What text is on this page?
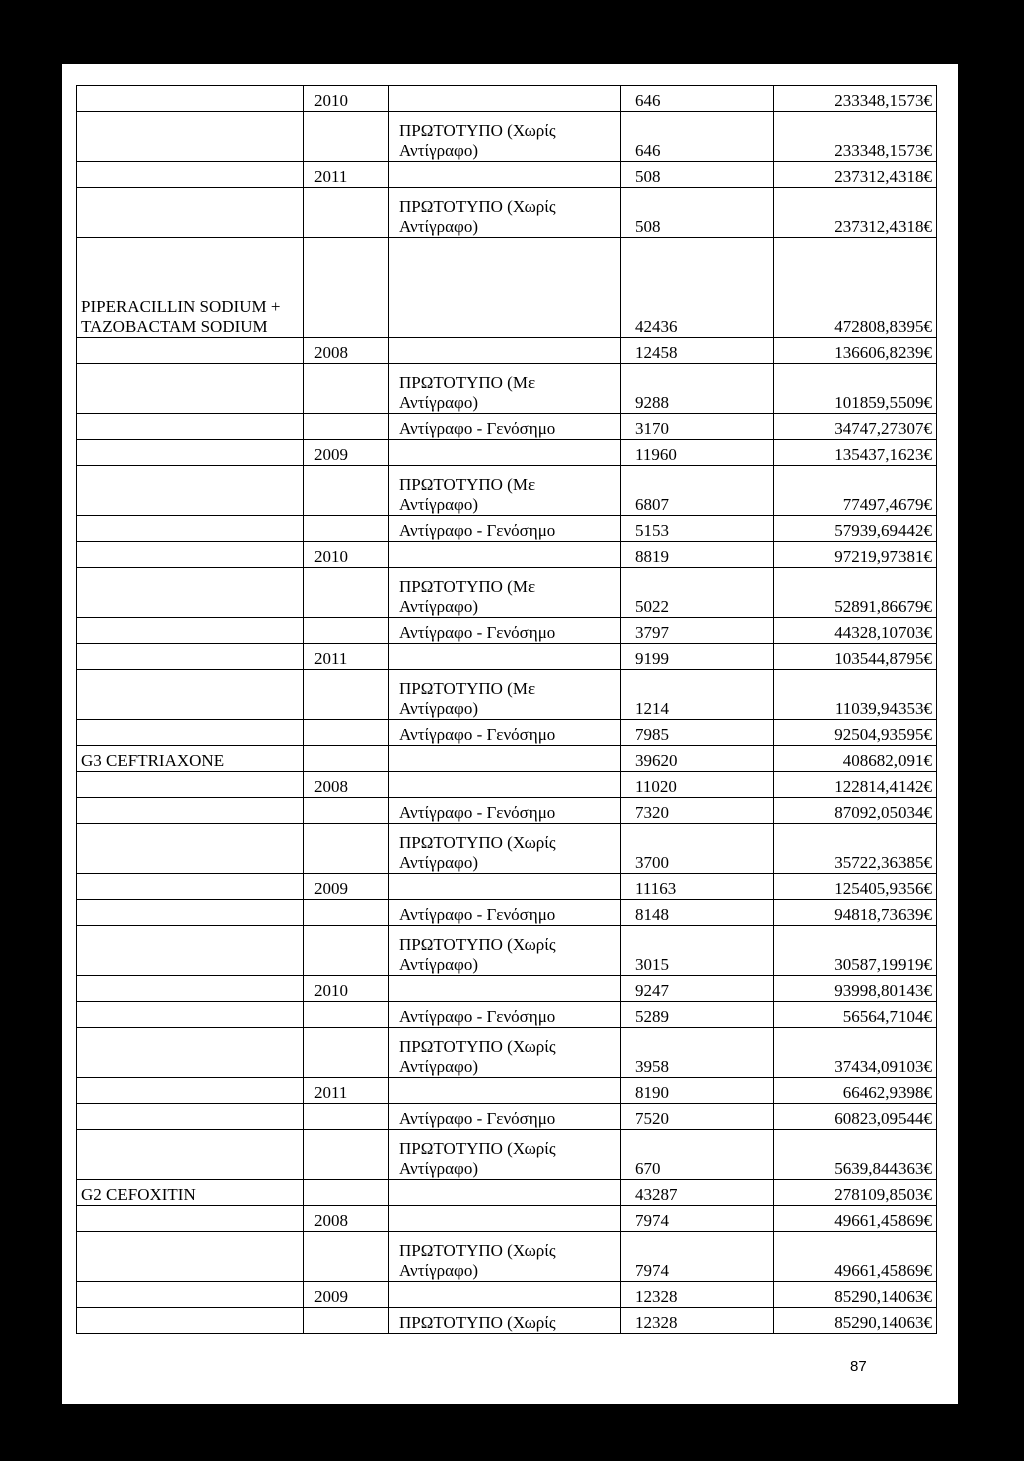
	2010		646	233348,1573€
		ΠΡΩΤΟΤΥΠΟ (Χωρίς Αντίγραφο)	646	233348,1573€
	2011		508	237312,4318€
		ΠΡΩΤΟΤΥΠΟ (Χωρίς Αντίγραφο)	508	237312,4318€
PIPERACILLIN SODIUM + TAZOBACTAM SODIUM			42436	472808,8395€
	2008		12458	136606,8239€
		ΠΡΩΤΟΤΥΠΟ (Με Αντίγραφο)	9288	101859,5509€
		Αντίγραφο - Γενόσημο	3170	34747,27307€
	2009		11960	135437,1623€
		ΠΡΩΤΟΤΥΠΟ (Με Αντίγραφο)	6807	77497,4679€
		Αντίγραφο - Γενόσημο	5153	57939,69442€
	2010		8819	97219,97381€
		ΠΡΩΤΟΤΥΠΟ (Με Αντίγραφο)	5022	52891,86679€
		Αντίγραφο - Γενόσημο	3797	44328,10703€
	2011		9199	103544,8795€
		ΠΡΩΤΟΤΥΠΟ (Με Αντίγραφο)	1214	11039,94353€
		Αντίγραφο - Γενόσημο	7985	92504,93595€
G3 CEFTRIAXONE			39620	408682,091€
	2008		11020	122814,4142€
		Αντίγραφο - Γενόσημο	7320	87092,05034€
		ΠΡΩΤΟΤΥΠΟ (Χωρίς Αντίγραφο)	3700	35722,36385€
	2009		11163	125405,9356€
		Αντίγραφο - Γενόσημο	8148	94818,73639€
		ΠΡΩΤΟΤΥΠΟ (Χωρίς Αντίγραφο)	3015	30587,19919€
	2010		9247	93998,80143€
		Αντίγραφο - Γενόσημο	5289	56564,7104€
		ΠΡΩΤΟΤΥΠΟ (Χωρίς Αντίγραφο)	3958	37434,09103€
	2011		8190	66462,9398€
		Αντίγραφο - Γενόσημο	7520	60823,09544€
		ΠΡΩΤΟΤΥΠΟ (Χωρίς Αντίγραφο)	670	5639,844363€
G2 CEFOXITIN			43287	278109,8503€
	2008		7974	49661,45869€
		ΠΡΩΤΟΤΥΠΟ (Χωρίς Αντίγραφο)	7974	49661,45869€
	2009		12328	85290,14063€
		ΠΡΩΤΟΤΥΠΟ (Χωρίς	12328	85290,14063€
87
